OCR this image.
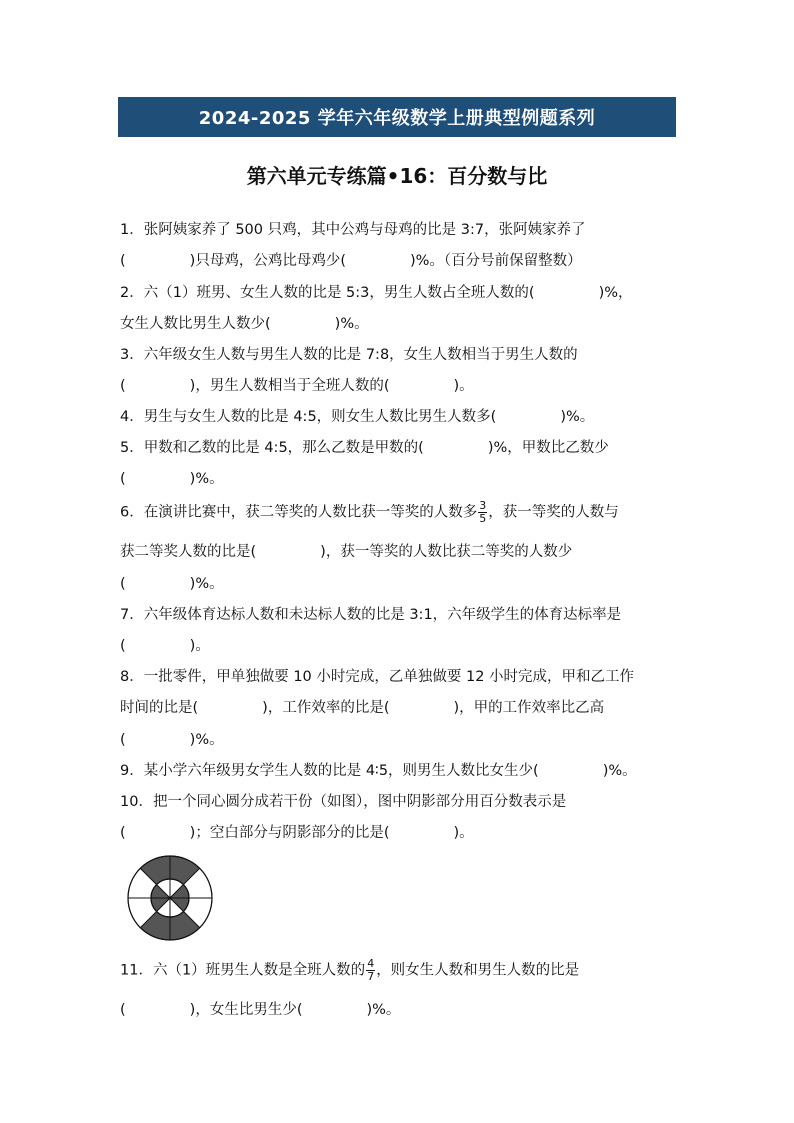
2024-2025 学年六年级数学上册典型例题系列
第六单元专练篇•16：百分数与比
1．张阿姨家养了 500 只鸡，其中公鸡与母鸡的比是 3:7，张阿姨家养了
(	)只母鸡，公鸡比母鸡少(	)%。（百分号前保留整数）
2．六（1）班男、女生人数的比是 5:3，男生人数占全班人数的(	)%，
女生人数比男生人数少(	)%。
3．六年级女生人数与男生人数的比是 7:8，女生人数相当于男生人数的
(	)，男生人数相当于全班人数的(	)。
4．男生与女生人数的比是 4:5，则女生人数比男生人数多(	)%。
5．甲数和乙数的比是 4:5，那么乙数是甲数的(	)%，甲数比乙数少
(	)%。
6．在演讲比赛中，获二等奖的人数比获一等奖的人数多 $\frac{3}{5}$ ，获一等奖的人数与
获二等奖人数的比是(	)，获一等奖的人数比获二等奖的人数少
(	)%。
7．六年级体育达标人数和未达标人数的比是 3:1，六年级学生的体育达标率是
(	)。
8．一批零件，甲单独做要 10 小时完成，乙单独做要 12 小时完成，甲和乙工作
时间的比是(	)，工作效率的比是(	)，甲的工作效率比乙高
(	)%。
9．某小学六年级男女学生人数的比是 4∶5，则男生人数比女生少(	)%。
10．把一个同心圆分成若干份（如图），图中阴影部分用百分数表示是
(	)；空白部分与阴影部分的比是(	)。
11．六（1）班男生人数是全班人数的 $\frac{4}{7}$ ，则女生人数和男生人数的比是
(	)，女生比男生少(	)%。
